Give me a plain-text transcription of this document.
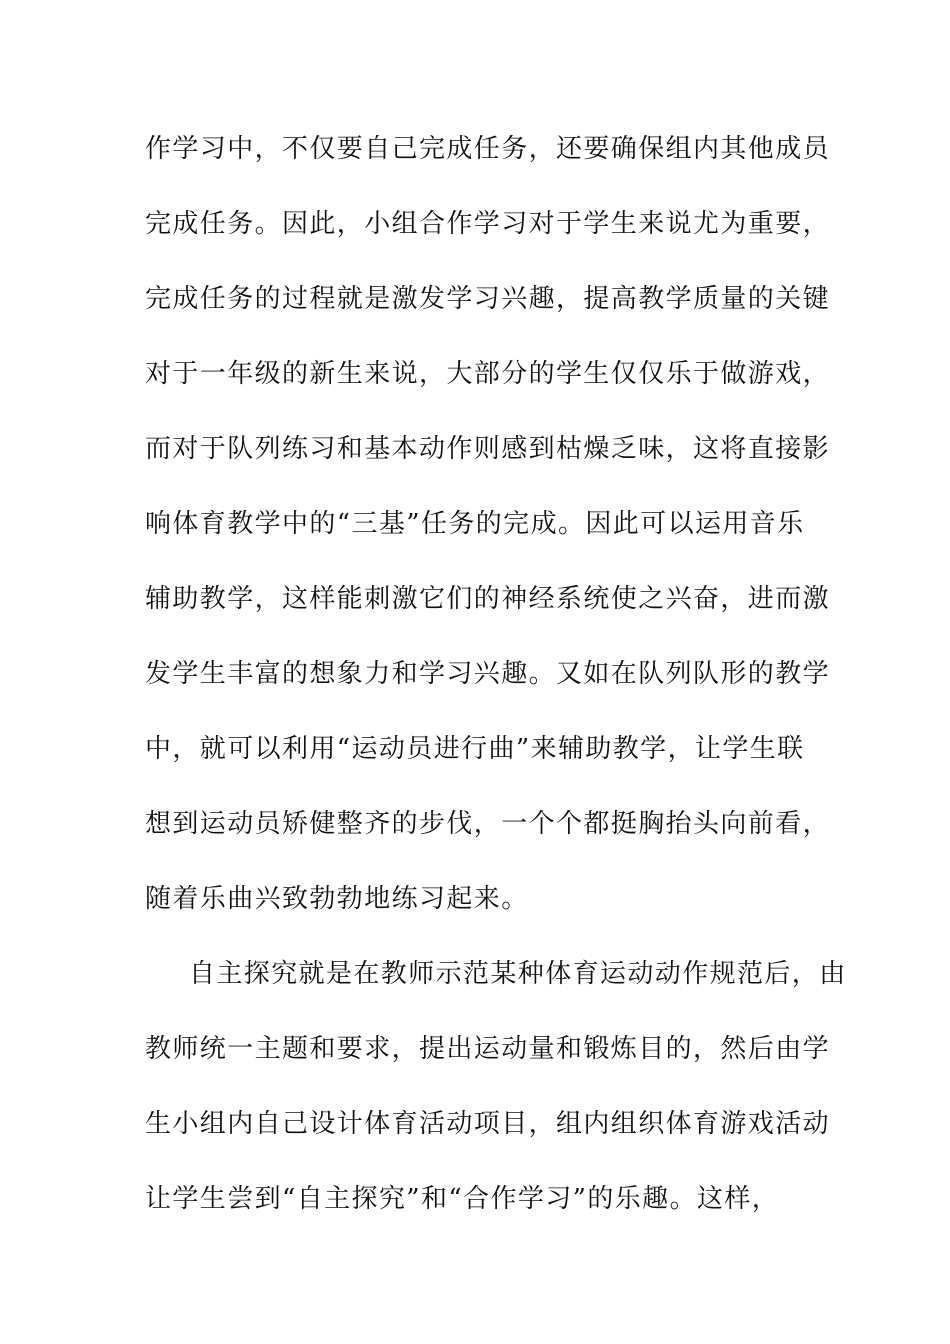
作学习中，不仅要自己完成任务，还要确保组内其他成员
完成任务。因此，小组合作学习对于学生来说尤为重要，
完成任务的过程就是激发学习兴趣，提高教学质量的关键
对于一年级的新生来说，大部分的学生仅仅乐于做游戏，
而对于队列练习和基本动作则感到枯燥乏味，这将直接影
响体育教学中的“三基”任务的完成。因此可以运用音乐
辅助教学，这样能刺激它们的神经系统使之兴奋，进而激
发学生丰富的想象力和学习兴趣。又如在队列队形的教学
中，就可以利用“运动员进行曲”来辅助教学，让学生联
想到运动员矫健整齐的步伐，一个个都挺胸抬头向前看，
随着乐曲兴致勃勃地练习起来。
自主探究就是在教师示范某种体育运动动作规范后，由
教师统一主题和要求，提出运动量和锻炼目的，然后由学
生小组内自己设计体育活动项目，组内组织体育游戏活动
让学生尝到“自主探究”和“合作学习”的乐趣。这样，
